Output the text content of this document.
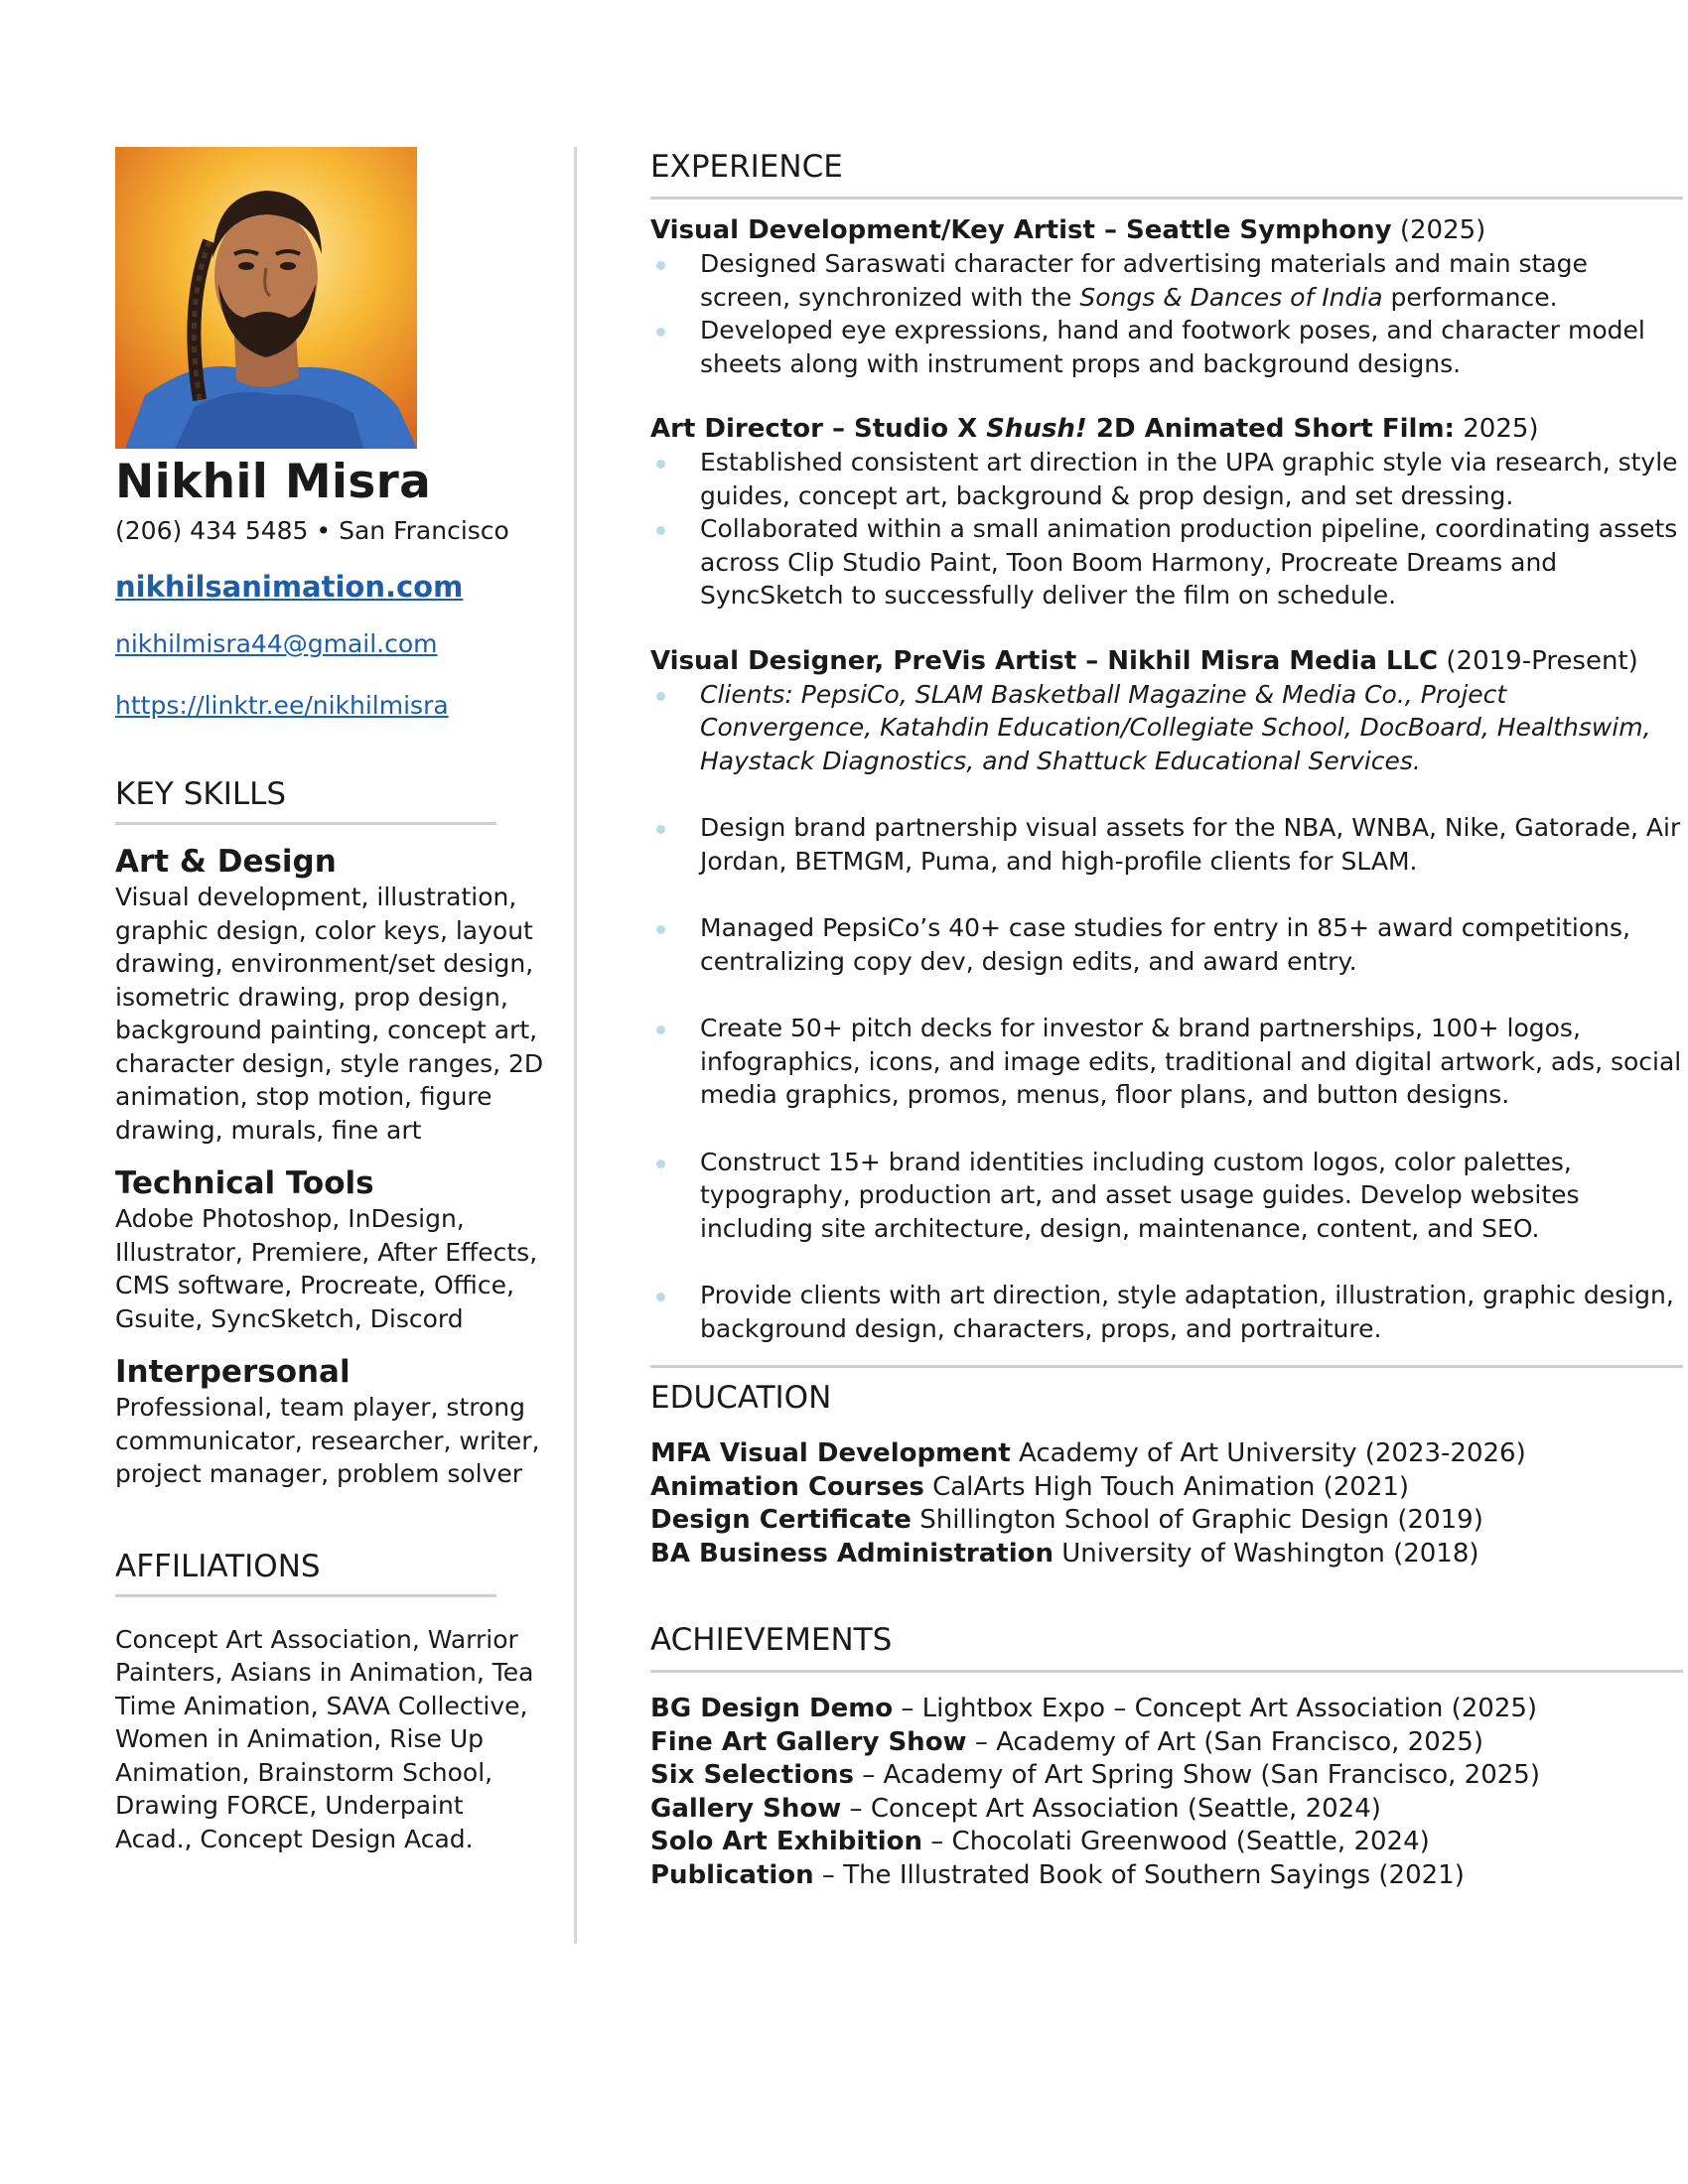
Nikhil Misra
(206) 434 5485 • San Francisco
nikhilsanimation.com
nikhilmisra44@gmail.com
https://linktr.ee/nikhilmisra
KEY SKILLS
Art & Design
Visual development, illustration, graphic design, color keys, layout drawing, environment/set design, isometric drawing, prop design, background painting, concept art, character design, style ranges, 2D animation, stop motion, figure drawing, murals, fine art
Technical Tools
Adobe Photoshop, InDesign, Illustrator, Premiere, After Effects, CMS software, Procreate, Office, Gsuite, SyncSketch, Discord
Interpersonal
Professional, team player, strong communicator, researcher, writer, project manager, problem solver
AFFILIATIONS
Concept Art Association, Warrior Painters, Asians in Animation, Tea Time Animation, SAVA Collective, Women in Animation, Rise Up Animation, Brainstorm School, Drawing FORCE, Underpaint Acad., Concept Design Acad.
EXPERIENCE
Visual Development/Key Artist – Seattle Symphony (2025)
Designed Saraswati character for advertising materials and main stage screen, synchronized with the Songs & Dances of India performance.
Developed eye expressions, hand and footwork poses, and character model sheets along with instrument props and background designs.
Art Director – Studio X Shush! 2D Animated Short Film: 2025)
Established consistent art direction in the UPA graphic style via research, style guides, concept art, background & prop design, and set dressing.
Collaborated within a small animation production pipeline, coordinating assets across Clip Studio Paint, Toon Boom Harmony, Procreate Dreams and SyncSketch to successfully deliver the film on schedule.
Visual Designer, PreVis Artist – Nikhil Misra Media LLC (2019-Present)
Clients: PepsiCo, SLAM Basketball Magazine & Media Co., Project Convergence, Katahdin Education/Collegiate School, DocBoard, Healthswim, Haystack Diagnostics, and Shattuck Educational Services.
Design brand partnership visual assets for the NBA, WNBA, Nike, Gatorade, Air Jordan, BETMGM, Puma, and high-profile clients for SLAM.
Managed PepsiCo’s 40+ case studies for entry in 85+ award competitions, centralizing copy dev, design edits, and award entry.
Create 50+ pitch decks for investor & brand partnerships, 100+ logos, infographics, icons, and image edits, traditional and digital artwork, ads, social media graphics, promos, menus, floor plans, and button designs.
Construct 15+ brand identities including custom logos, color palettes, typography, production art, and asset usage guides. Develop websites including site architecture, design, maintenance, content, and SEO.
Provide clients with art direction, style adaptation, illustration, graphic design, background design, characters, props, and portraiture.
EDUCATION
MFA Visual Development Academy of Art University (2023-2026)
Animation Courses CalArts High Touch Animation (2021)
Design Certificate Shillington School of Graphic Design (2019)
BA Business Administration University of Washington (2018)
ACHIEVEMENTS
BG Design Demo – Lightbox Expo – Concept Art Association (2025)
Fine Art Gallery Show – Academy of Art (San Francisco, 2025)
Six Selections – Academy of Art Spring Show (San Francisco, 2025)
Gallery Show – Concept Art Association (Seattle, 2024)
Solo Art Exhibition – Chocolati Greenwood (Seattle, 2024)
Publication – The Illustrated Book of Southern Sayings (2021)
